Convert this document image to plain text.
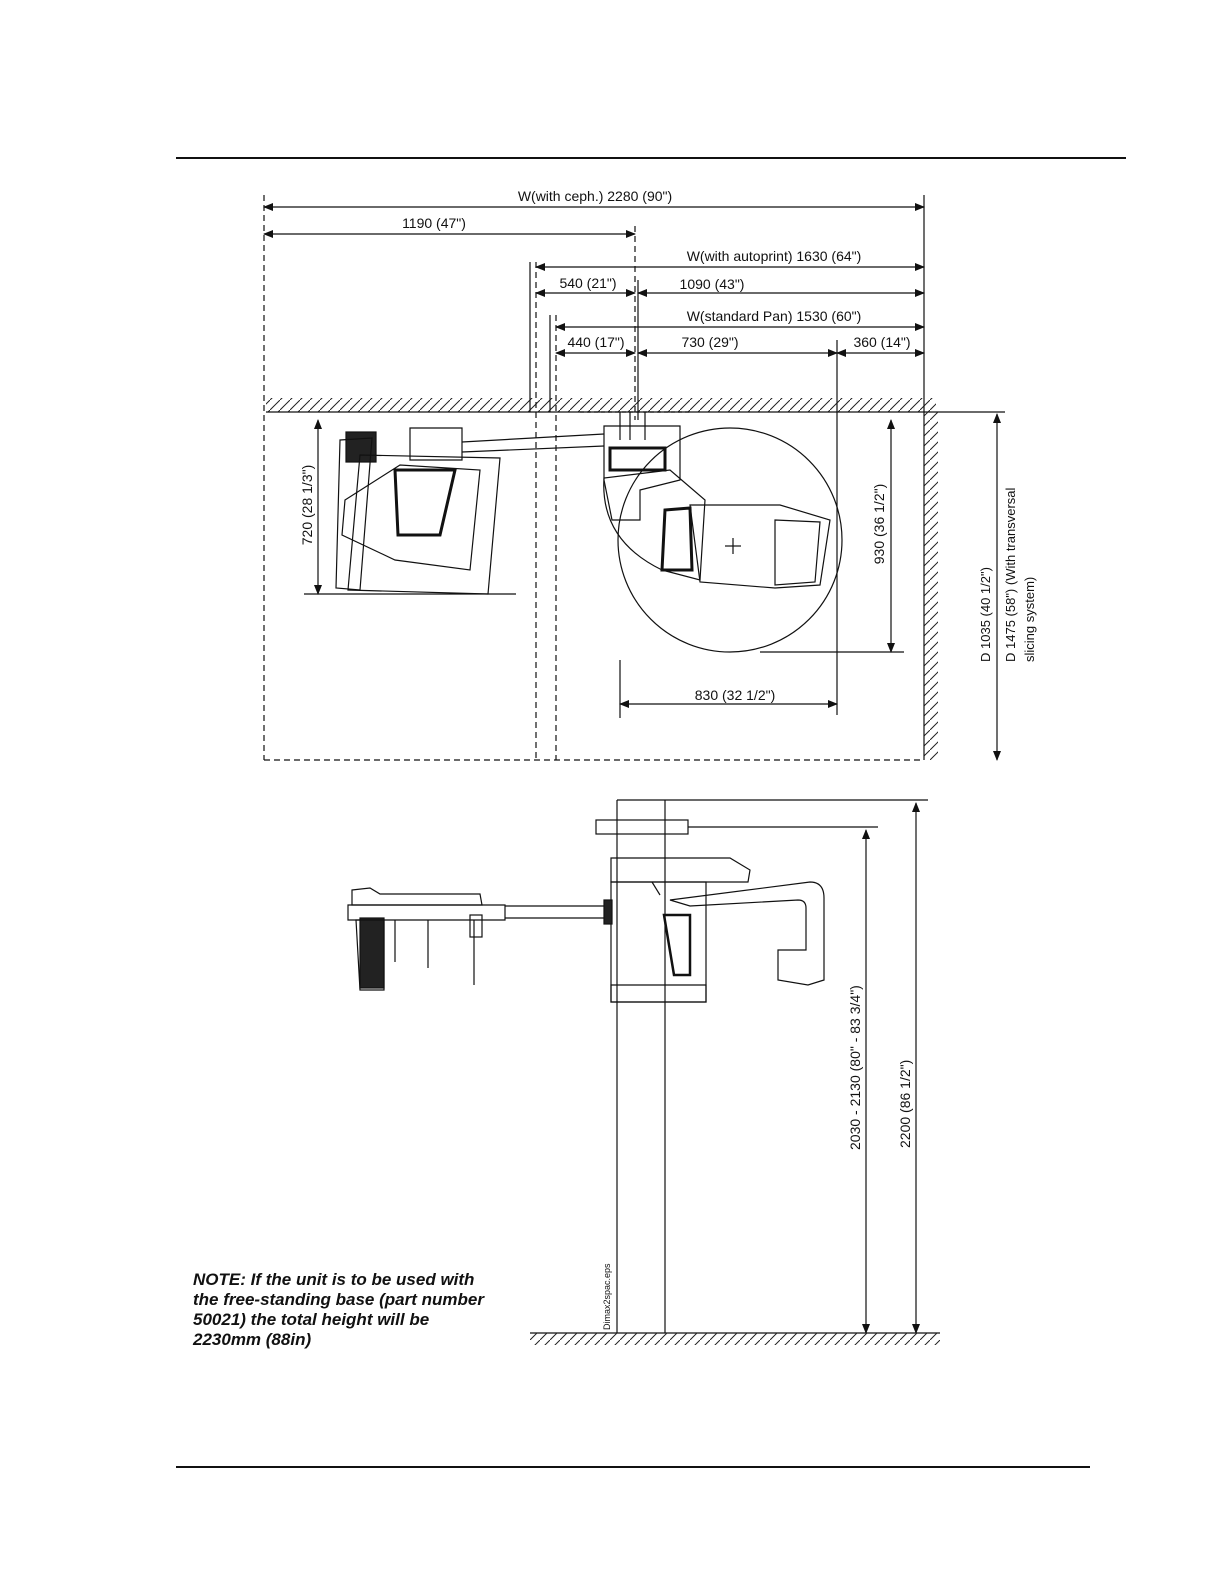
W(with ceph.) 2280 (90")
1190 (47")
W(with autoprint) 1630 (64")
540 (21")	1090 (43")
W(standard Pan) 1530 (60")
440 (17")	730 (29")	360 (14")
830 (32 1/2")
720 (28 1/3")	930 (36 1/2")
D 1035 (40 1/2") D 1475 (58") (With transversal slicing system)
2030 - 2130 (80" - 83 3/4") 2200 (86 1/2")
Dimax2spac.eps
NOTE: If the unit is to be used with the free-standing base (part number 50021) the total height will be 2230mm (88in)
